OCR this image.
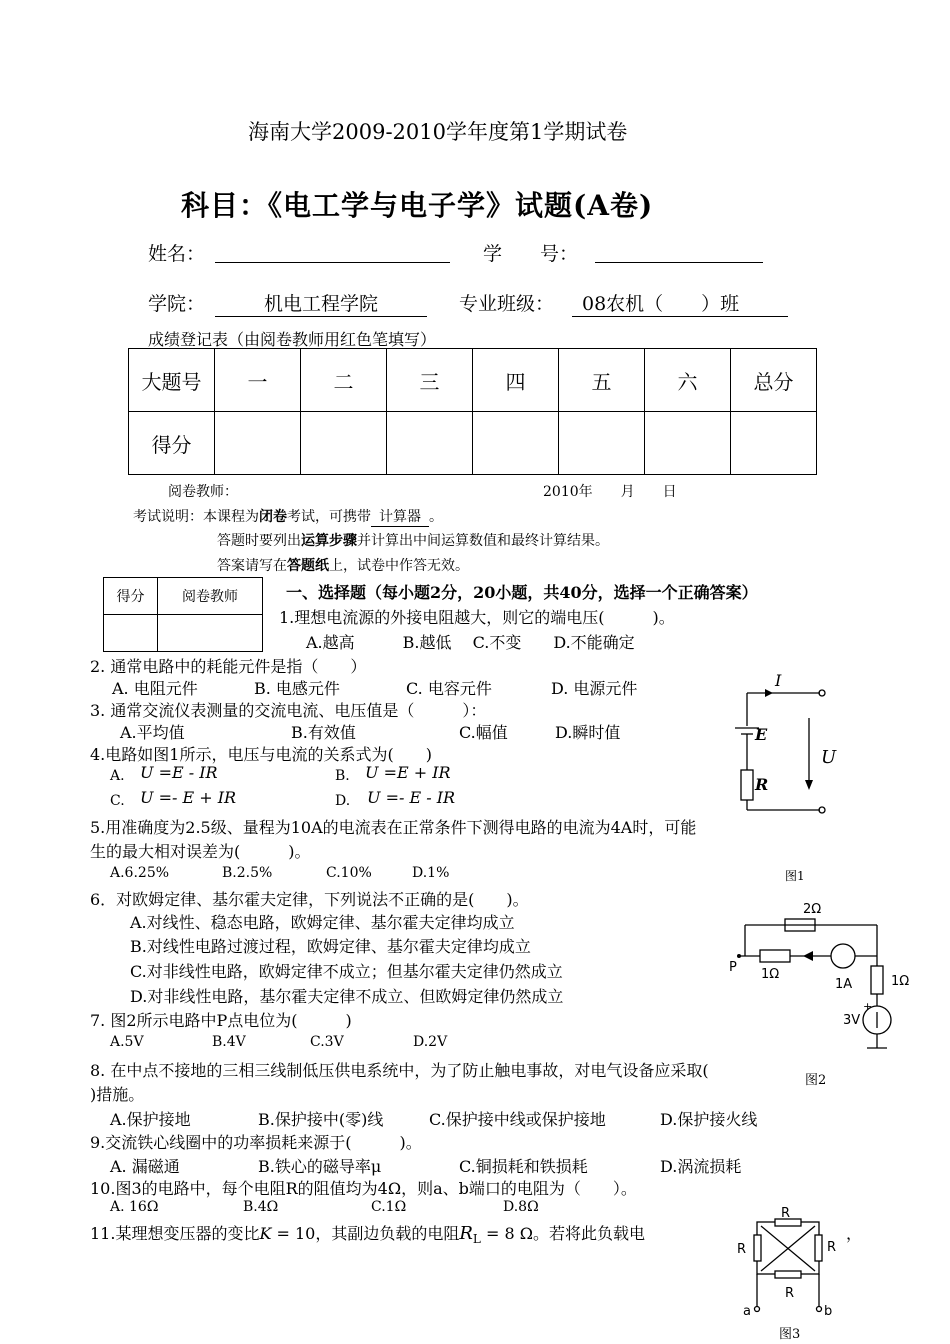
海南大学2009-2010学年度第1学期试卷
科目：《电工学与电子学》试题(A卷)
姓名：	学　　号：
学院：	机电工程学院	专业班级：	08农机（　　）班
成绩登记表（由阅卷教师用红色笔填写）
大题号	一	二	三	四	五	六	总分
得分							
阅卷教师：	2010年　　月　　日
考试说明：本课程为闭卷考试，可携带 计算器 。
答题时要列出运算步骤并计算出中间运算数值和最终计算结果。
答案请写在答题纸上，试卷中作答无效。
得分	阅卷教师
		一、选择题（每小题2分，20小题，共40分，选择一个正确答案）
1.理想电流源的外接电阻越大，则它的端电压(　　　)。
A.越高　　　B.越低　 C.不变　　D.不能确定
2. 通常电路中的耗能元件是指（　　）
A. 电阻元件	B. 电感元件	C. 电容元件	D. 电源元件
3. 通常交流仪表测量的交流电流、电压值是（　　　）：
A.平均值	B.有效值	C.幅值	D.瞬时值
4.电路如图1所示，电压与电流的关系式为(　　)
A. U =E - IR	B. U =E + IR
C. U =- E + IR	D. U =- E - IR
5.用准确度为2.5级、量程为10A的电流表在正常条件下测得电路的电流为4A时，可能
生的最大相对误差为(　　　)。
A.6.25%	B.2.5%	C.10%	D.1%
6．对欧姆定律、基尔霍夫定律，下列说法不正确的是(　　)。
A.对线性、稳态电路，欧姆定律、基尔霍夫定律均成立
B.对线性电路过渡过程，欧姆定律、基尔霍夫定律均成立
C.对非线性电路，欧姆定律不成立；但基尔霍夫定律仍然成立
D.对非线性电路，基尔霍夫定律不成立、但欧姆定律仍然成立
7. 图2所示电路中P点电位为(　　　)
A.5V	B.4V	C.3V	D.2V
8. 在中点不接地的三相三线制低压供电系统中，为了防止触电事故，对电气设备应采取(
)措施。
A.保护接地	B.保护接中(零)线	C.保护接中线或保护接地	D.保护接火线
9.交流铁心线圈中的功率损耗来源于(　　　)。
A. 漏磁通	B.铁心的磁导率μ	C.铜损耗和铁损耗	D.涡流损耗
10.图3的电路中，每个电阻R的阻值均为4Ω，则a、b端口的电阻为（　　）。
A. 16Ω	B.4Ω	C.1Ω	D.8Ω
11.某理想变压器的变比K = 10，其副边负载的电阻$R_L = 8$ Ω。若将此负载电	，
I
E
R
U
图1
2Ω
1Ω	1Ω
1A
3V
+
P
图2
R
R	R
R
a	b
图3
